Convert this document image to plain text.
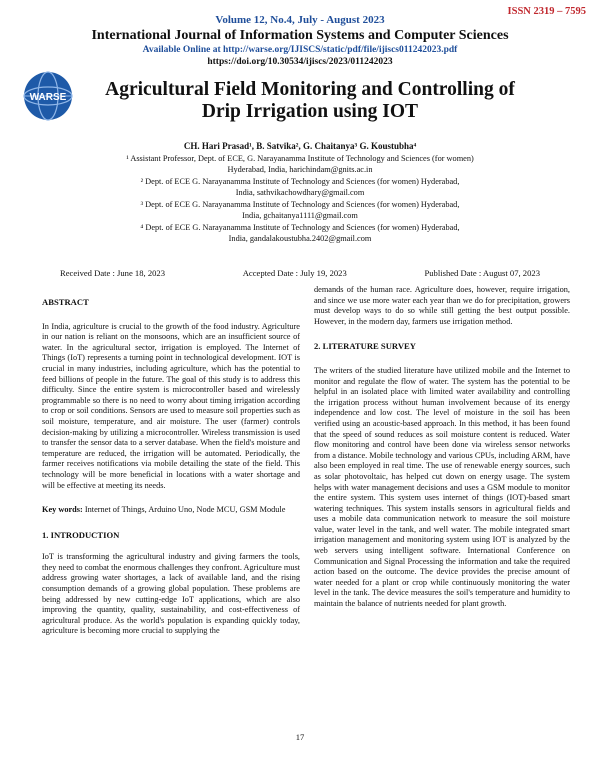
ISSN 2319 – 7595
Volume 12, No.4, July - August 2023
International Journal of Information Systems and Computer Sciences
Available Online at http://warse.org/IJISCS/static/pdf/file/ijiscs011242023.pdf
https://doi.org/10.30534/ijiscs/2023/011242023
WARSE	Agricultural Field Monitoring and Controlling of
Drip Irrigation using IOT
CH. Hari Prasad¹, B. Satvika², G. Chaitanya³ G. Koustubha⁴
¹ Assistant Professor, Dept. of ECE, G. Narayanamma Institute of Technology and Sciences (for women)
Hyderabad, India, harichindam@gnits.ac.in
² Dept. of ECE G. Narayanamma Institute of Technology and Sciences (for women) Hyderabad,
India, sathvikachowdhary@gmail.com
³ Dept. of ECE G. Narayanamma Institute of Technology and Sciences (for women) Hyderabad,
India, gchaitanya1111@gmail.com
⁴ Dept. of ECE G. Narayanamma Institute of Technology and Sciences (for women) Hyderabad,
India, gandalakoustubha.2402@gmail.com
Received Date : June 18, 2023	Accepted Date : July 19, 2023	Published Date : August 07, 2023

ABSTRACT

In India, agriculture is crucial to the growth of the food industry. Agriculture in our nation is reliant on the monsoons, which are an insufficient source of water. In the agricultural sector, irrigation is employed. The Internet of Things (IoT) represents a turning point in technological development. IOT is crucial in many industries, including agriculture, which has the potential to feed billions of people in the future. The goal of this study is to address this difficulty. Since the entire system is microcontroller based and wirelessly programmable so there is no need to worry about timing irrigation according to crop or soil conditions. Sensors are used to measure soil properties such as soil moisture, temperature, and air moisture. The user (farmer) controls decision-making by utilizing a microcontroller. Wireless transmission is used to transfer the sensor data to a server database. When the field's moisture and temperature are reduced, the irrigation will be automated. Periodically, the farmer receives notifications via mobile detailing the state of the field. This technology will be more beneficial in locations with a water shortage and will be effective at meeting its needs.

Key words: Internet of Things, Arduino Uno, Node MCU, GSM Module

1. INTRODUCTION

IoT is transforming the agricultural industry and giving farmers the tools, they need to combat the enormous challenges they confront. Agriculture must address growing water shortages, a lack of available land, and the rising consumption demands of a growing global population. These problems are being addressed by new cutting-edge IoT applications, which are also improving the quantity, quality, sustainability, and cost-effectiveness of agricultural produce. As the world's population is expanding quickly today, agriculture is becoming more crucial to supplying the

demands of the human race. Agriculture does, however, require irrigation, and since we use more water each year than we do for precipitation, growers must develop ways to do so while still getting the best output possible. However, in the modern day, farmers use irrigation method.

2. LITERATURE SURVEY

The writers of the studied literature have utilized mobile and the Internet to monitor and regulate the flow of water. The system has the potential to be helpful in an isolated place with limited water availability and controlling the irrigation process without human involvement because of its energy independence and low cost. The level of moisture in the soil has been verified using an acoustic-based approach. In this method, it has been found that the speed of sound reduces as soil moisture content is reduced. Water flow monitoring and control have been done via wireless sensor networks from a distance. Mobile technology and various CPUs, including ARM, have also been employed in real time. The use of renewable energy sources, such as solar photovoltaic, has helped cut down on energy usage. The system helps with water management decisions and uses a GSM module to monitor the entire system. This system uses internet of things (IOT)-based smart watering techniques. This system installs sensors in agricultural fields and uses a mobile data communication network to measure the soil moisture value, water level in the tank, and well water. The mobile integrated smart irrigation management and monitoring system using IOT is analyzed by the web servers using intelligent software. International Conference on Communication and Signal Processing the information and take the required action based on the outcome. The device provides the precise amount of water needed for a plant or crop while continuously monitoring the water level in the tank. The device measures the soil's temperature and humidity to maintain the balance of nutrients needed for plant growth.

17
